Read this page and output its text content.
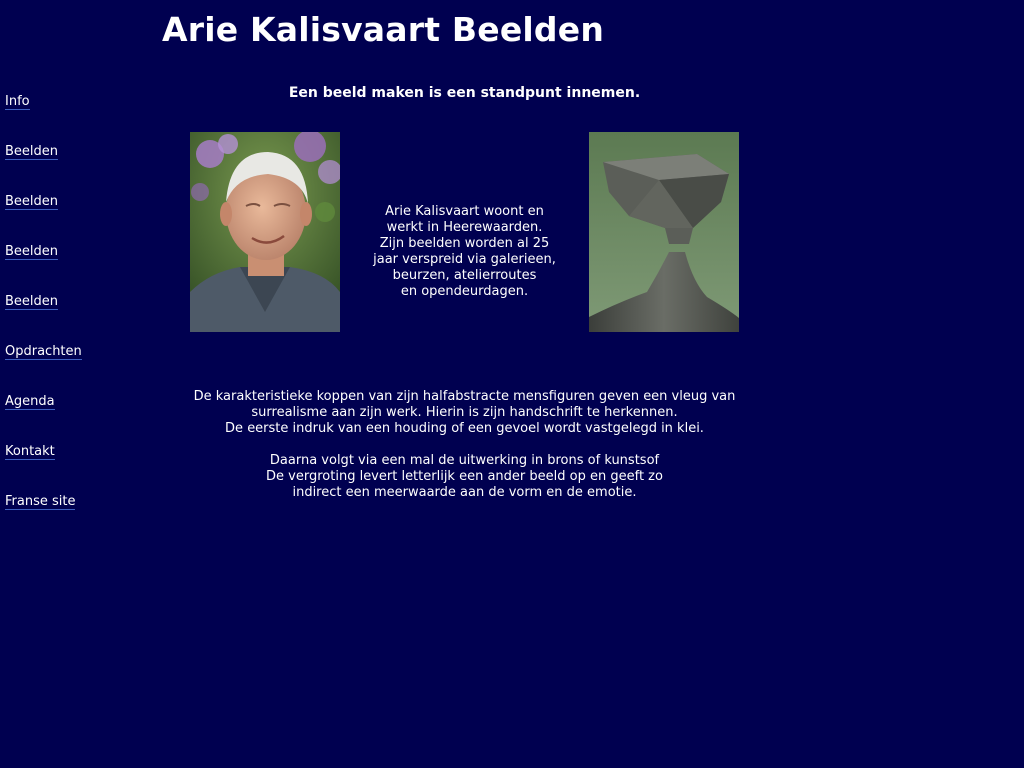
Arie Kalisvaart Beelden
Info
Beelden
Beelden
Beelden
Beelden
Opdrachten
Agenda
Kontakt
Franse site
Een beeld maken is een standpunt innemen.
Arie Kalisvaart woont en
werkt in Heerewaarden.
Zijn beelden worden al 25
jaar verspreid via galerieen,
beurzen, atelierroutes
en opendeurdagen.
De karakteristieke koppen van zijn halfabstracte mensfiguren geven een vleug van
surrealisme aan zijn werk. Hierin is zijn handschrift te herkennen.
De eerste indruk van een houding of een gevoel wordt vastgelegd in klei.
Daarna volgt via een mal de uitwerking in brons of kunstsof
De vergroting levert letterlijk een ander beeld op en geeft zo
indirect een meerwaarde aan de vorm en de emotie.
